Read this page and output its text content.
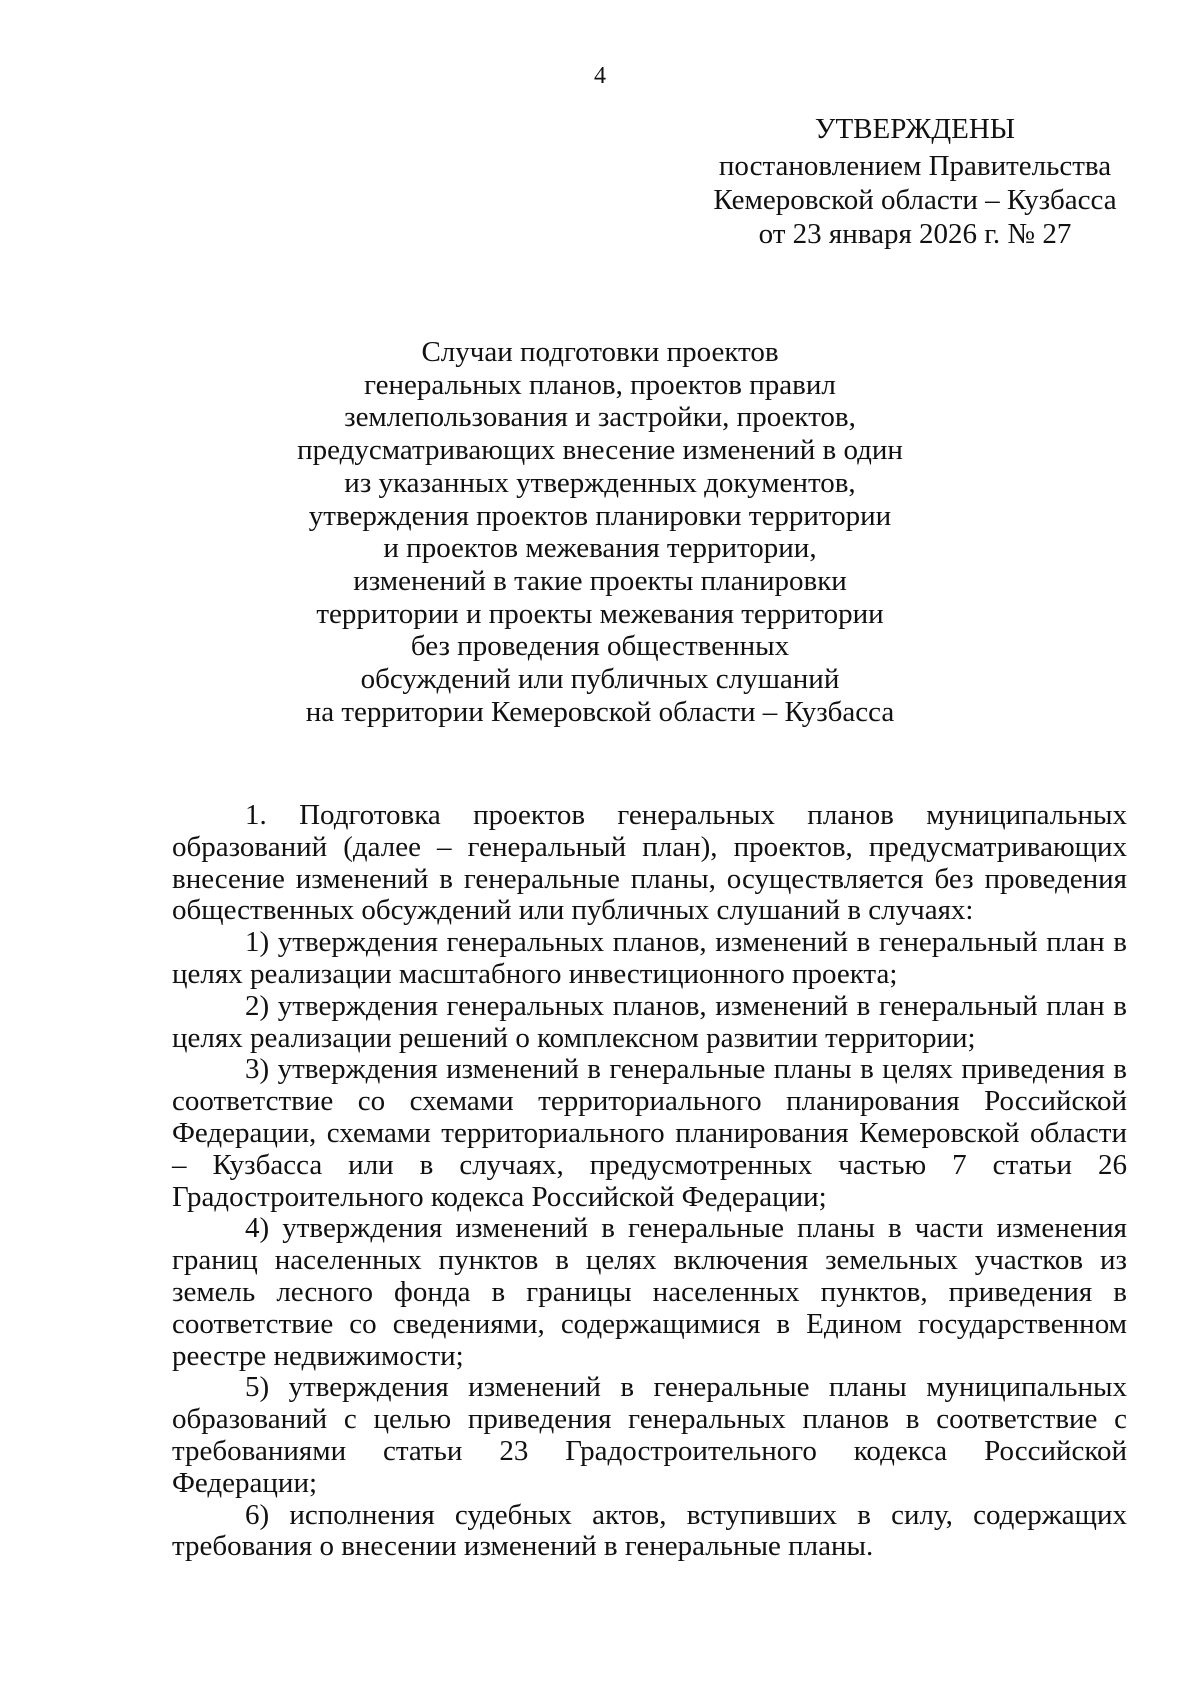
4
УТВЕРЖДЕНЫ
постановлением Правительства
Кемеровской области – Кузбасса
от 23 января 2026 г. № 27
Случаи подготовки проектов
генеральных планов, проектов правил
землепользования и застройки, проектов,
предусматривающих внесение изменений в один
из указанных утвержденных документов,
утверждения проектов планировки территории
и проектов межевания территории,
изменений в такие проекты планировки
территории и проекты межевания территории
без проведения общественных
обсуждений или публичных слушаний
на территории Кемеровской области – Кузбасса

1. Подготовка проектов генеральных планов муниципальных образований (далее – генеральный план), проектов, предусматривающих внесение изменений в генеральные планы, осуществляется без проведения общественных обсуждений или публичных слушаний в случаях:

1) утверждения генеральных планов, изменений в генеральный план в целях реализации масштабного инвестиционного проекта;

2) утверждения генеральных планов, изменений в генеральный план в целях реализации решений о комплексном развитии территории;

3) утверждения изменений в генеральные планы в целях приведения в соответствие со схемами территориального планирования Российской Федерации, схемами территориального планирования Кемеровской области – Кузбасса или в случаях, предусмотренных частью 7 статьи 26 Градостроительного кодекса Российской Федерации;

4) утверждения изменений в генеральные планы в части изменения границ населенных пунктов в целях включения земельных участков из земель лесного фонда в границы населенных пунктов, приведения в соответствие со сведениями, содержащимися в Едином государственном реестре недвижимости;

5) утверждения изменений в генеральные планы муниципальных образований с целью приведения генеральных планов в соответствие с требованиями статьи 23 Градостроительного кодекса Российской Федерации;

6) исполнения судебных актов, вступивших в силу, содержащих требования о внесении изменений в генеральные планы.
